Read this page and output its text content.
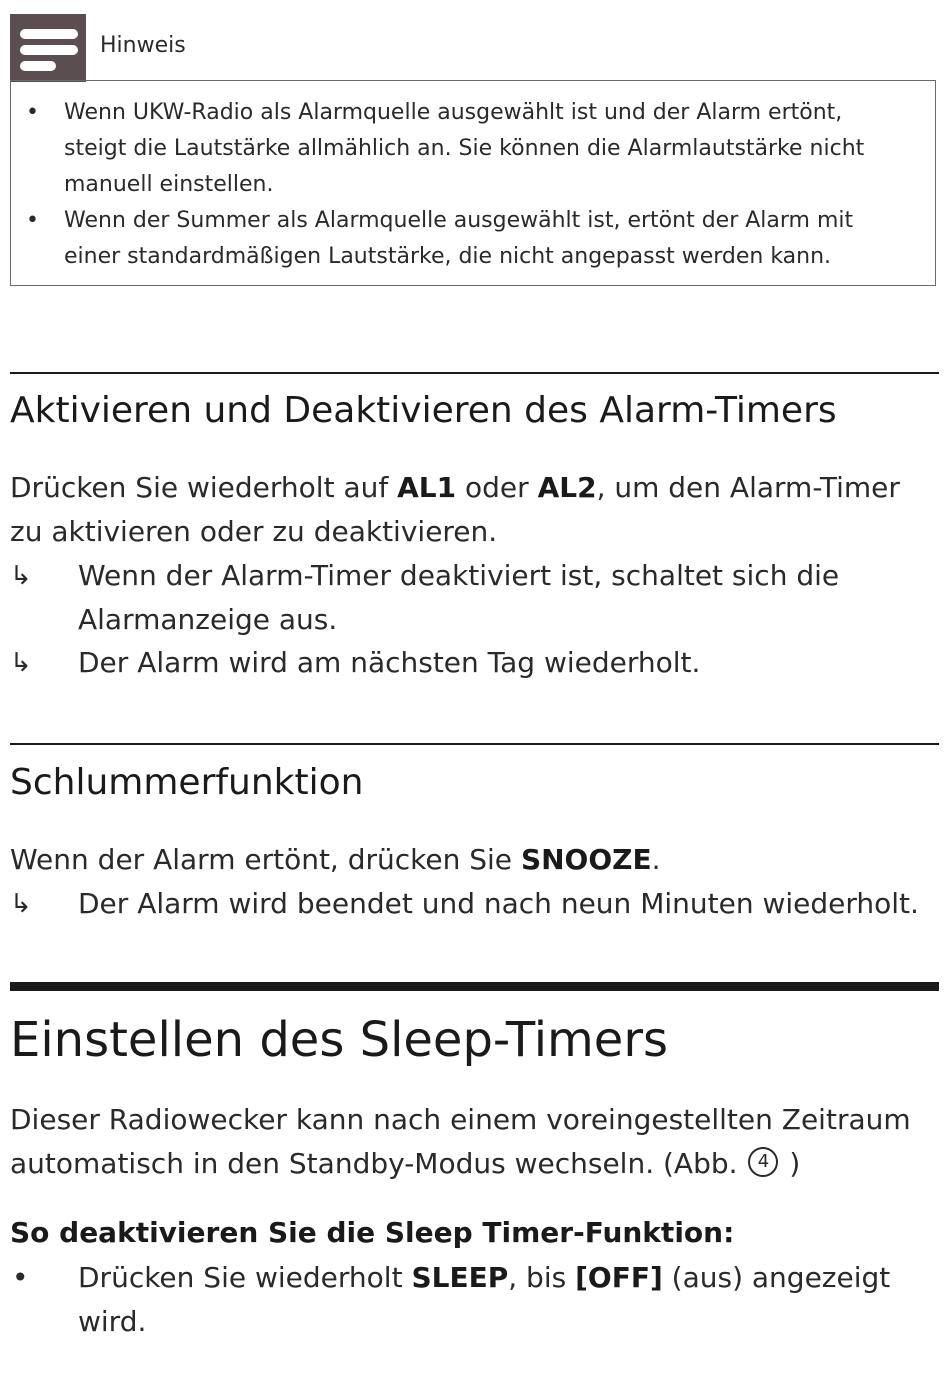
Hinweis
• Wenn UKW-Radio als Alarmquelle ausgewählt ist und der Alarm ertönt, steigt die Lautstärke allmählich an. Sie können die Alarmlautstärke nicht manuell einstellen.
• Wenn der Summer als Alarmquelle ausgewählt ist, ertönt der Alarm mit einer standardmäßigen Lautstärke, die nicht angepasst werden kann.
Aktivieren und Deaktivieren des Alarm-Timers
Drücken Sie wiederholt auf AL1 oder AL2, um den Alarm-Timer zu aktivieren oder zu deaktivieren.
↳ Wenn der Alarm-Timer deaktiviert ist, schaltet sich die Alarmanzeige aus.
↳ Der Alarm wird am nächsten Tag wiederholt.
Schlummerfunktion
Wenn der Alarm ertönt, drücken Sie SNOOZE.
↳ Der Alarm wird beendet und nach neun Minuten wiederholt.
Einstellen des Sleep-Timers
Dieser Radiowecker kann nach einem voreingestellten Zeitraum automatisch in den Standby-Modus wechseln. (Abb. 4 )
So deaktivieren Sie die Sleep Timer-Funktion:
• Drücken Sie wiederholt SLEEP, bis [OFF] (aus) angezeigt wird.
